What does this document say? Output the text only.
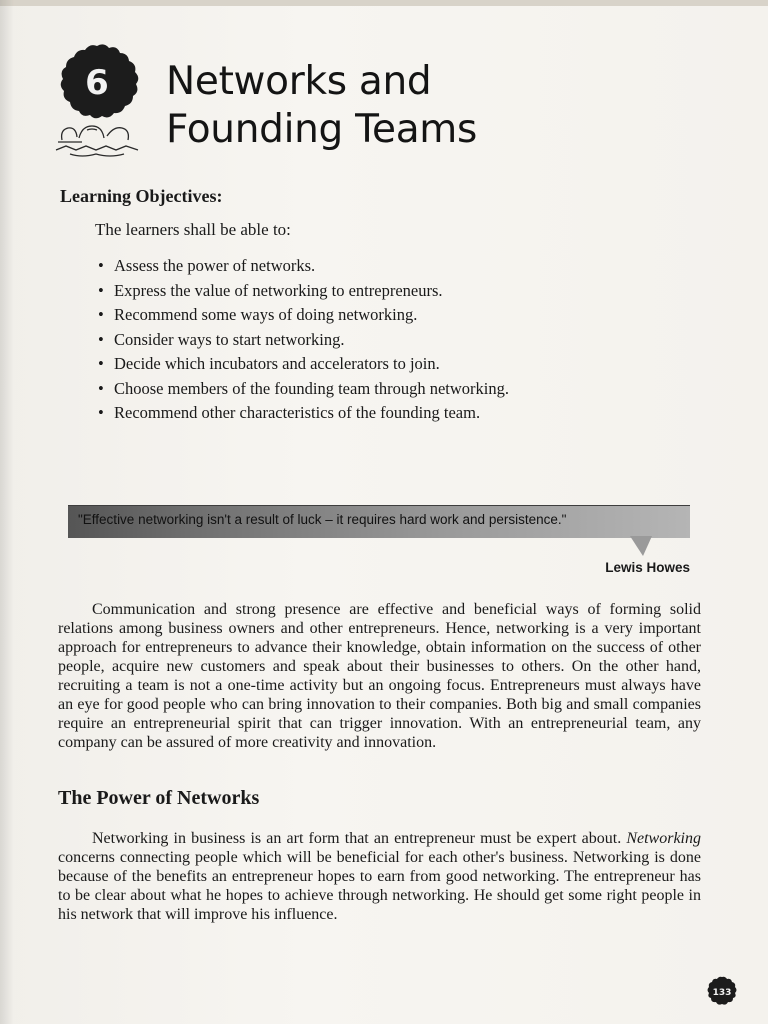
6 Networks and
Founding Teams
Learning Objectives:

The learners shall be able to:

• Assess the power of networks.
• Express the value of networking to entrepreneurs.
• Recommend some ways of doing networking.
• Consider ways to start networking.
• Decide which incubators and accelerators to join.
• Choose members of the founding team through networking.
• Recommend other characteristics of the founding team.

"Effective networking isn't a result of luck – it requires hard work and persistence."

Lewis Howes

Communication and strong presence are effective and beneficial ways of forming solid relations among business owners and other entrepreneurs. Hence, networking is a very important approach for entrepreneurs to advance their knowledge, obtain information on the success of other people, acquire new customers and speak about their businesses to others. On the other hand, recruiting a team is not a one-time activity but an ongoing focus. Entrepreneurs must always have an eye for good people who can bring innovation to their companies. Both big and small companies require an entrepreneurial spirit that can trigger innovation. With an entrepreneurial team, any company can be assured of more creativity and innovation.

The Power of Networks

Networking in business is an art form that an entrepreneur must be expert about. Networking concerns connecting people which will be beneficial for each other's business. Networking is done because of the benefits an entrepreneur hopes to earn from good networking. The entrepreneur has to be clear about what he hopes to achieve through networking. He should get some right people in his network that will improve his influence.

133
